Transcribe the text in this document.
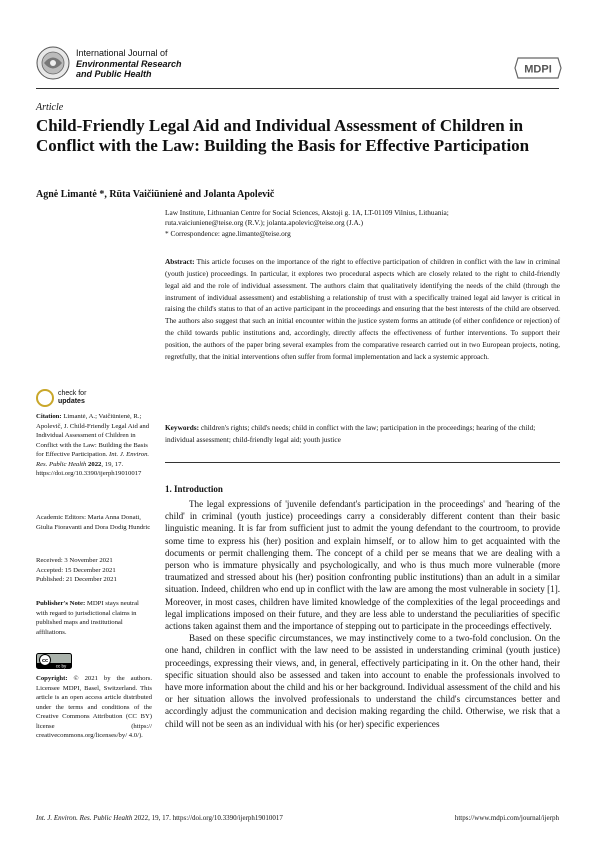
International Journal of
Environmental Research
and Public Health	MDPI
Article
Child-Friendly Legal Aid and Individual Assessment of Children in Conflict with the Law: Building the Basis for Effective Participation
Agnė Limantė *, Rūta Vaičiūnienė and Jolanta Apolevič
Law Institute, Lithuanian Centre for Social Sciences, Akstoji g. 1A, LT-01109 Vilnius, Lithuania;
ruta.vaiciuniene@teise.org (R.V.); jolanta.apolevic@teise.org (J.A.)
* Correspondence: agne.limante@teise.org
Abstract: This article focuses on the importance of the right to effective participation of children in conflict with the law in criminal (youth justice) proceedings. In particular, it explores two procedural aspects which are closely related to the right to child-friendly legal aid and the role of individual assessment. The authors claim that qualitatively identifying the needs of the child (through the instrument of individual assessment) and establishing a relationship of trust with a specifically trained legal aid lawyer is critical in raising the child's status to that of an active participant in the proceedings and ensuring that the best interests of the child are observed. The authors also suggest that such an initial encounter within the justice system forms an attitude (of either confidence or rejection) of the child towards public institutions and, accordingly, directly affects the effectiveness of further interventions. To support their position, the authors of the paper bring several examples from the comparative research carried out in two European projects, noting, regretfully, that the initial interventions often suffer from formal implementation and lack a systemic approach.
Keywords: children's rights; child's needs; child in conflict with the law; participation in the proceedings; hearing of the child; individual assessment; child-friendly legal aid; youth justice
check for
updates
Citation: Limantė, A.; Vaičiūnienė, R.; Apolevič, J. Child-Friendly Legal Aid and Individual Assessment of Children in Conflict with the Law: Building the Basis for Effective Participation. Int. J. Environ. Res. Public Health 2022, 19, 17. https://doi.org/10.3390/ijerph19010017
Academic Editors: Maria Anna Donati, Giulia Fioravanti and Dora Dodig Hundric
Received: 3 November 2021
Accepted: 15 December 2021
Published: 21 December 2021
Publisher's Note: MDPI stays neutral with regard to jurisdictional claims in published maps and institutional affiliations.
cc
cc by
Copyright: © 2021 by the authors. Licensee MDPI, Basel, Switzerland. This article is an open access article distributed under the terms and conditions of the Creative Commons Attribution (CC BY) license (https:// creativecommons.org/licenses/by/ 4.0/).
1. Introduction

The legal expressions of 'juvenile defendant's participation in the proceedings' and 'hearing of the child' in criminal (youth justice) proceedings carry a considerably different content than their basic linguistic meaning. It is far from sufficient just to admit the young defendant to the courtroom, to provide some time to express his (her) position and explain himself, or to allow him to get acquainted with the documents or permit challenging them. The concept of a child per se means that we are dealing with a person who is immature physically and psychologically, and who is thus much more vulnerable (more traumatized and stressed about his (her) position confronting public institutions) than an adult in a similar situation. Indeed, children who end up in conflict with the law are among the most vulnerable in society [1]. Moreover, in most cases, children have limited knowledge of the complexities of the legal proceedings and legal implications imposed on their future, and they are less able to understand the peculiarities of specific actions taken against them and the importance of stepping out to participate in the proceedings effectively.

Based on these specific circumstances, we may instinctively come to a two-fold conclusion. On the one hand, children in conflict with the law need to be assisted in understanding criminal (youth justice) proceedings, expressing their views, and, in general, effectively participating in it. On the other hand, their specific situation should also be assessed and taken into account to enable the professionals involved to have more information about the child and his or her background. Individual assessment of the child and his or her situation allows the involved professionals to understand the child's circumstances better and accordingly adjust the communication and decision making regarding the child. Otherwise, we risk that a child will not be seen as an individual with his (or her) specific experiences

Int. J. Environ. Res. Public Health 2022, 19, 17. https://doi.org/10.3390/ijerph19010017	https://www.mdpi.com/journal/ijerph
